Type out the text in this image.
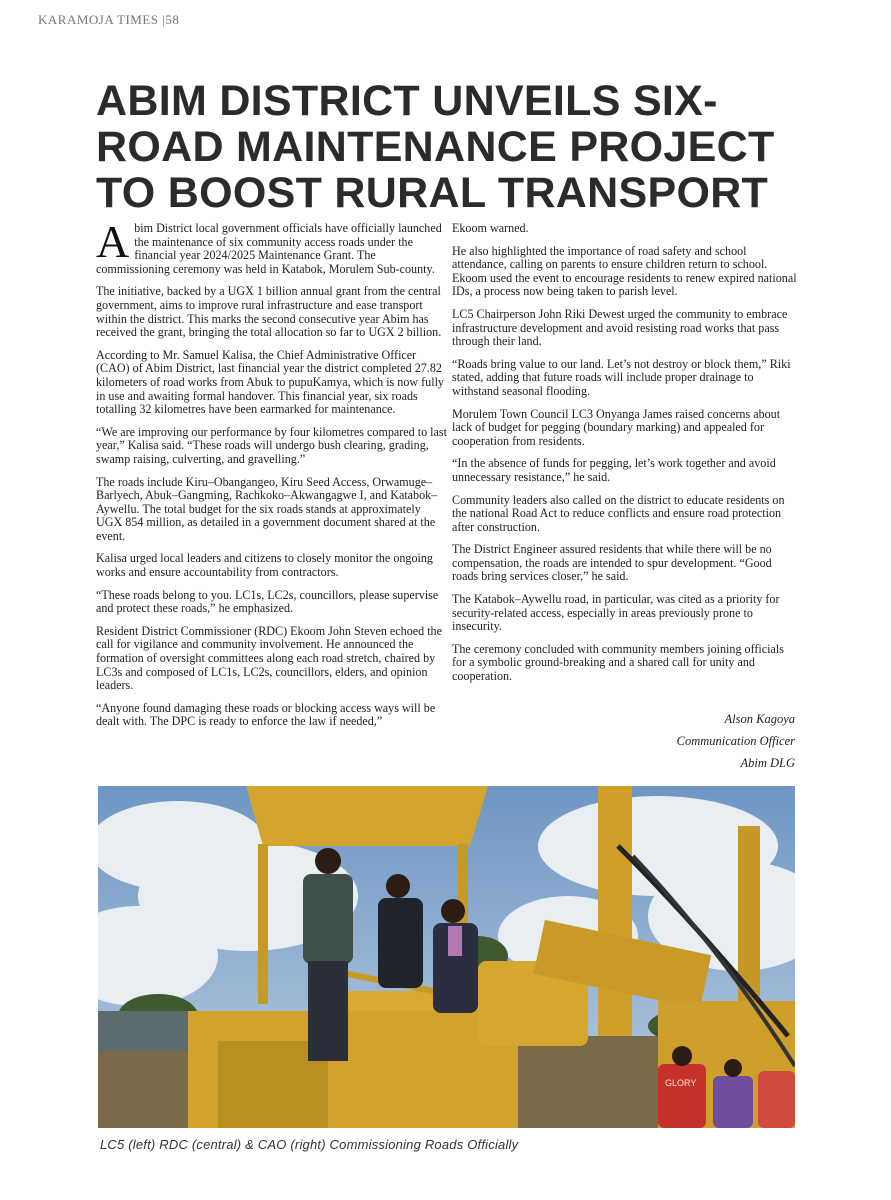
KARAMOJA TIMES |58
ABIM DISTRICT UNVEILS SIX-ROAD MAINTENANCE PROJECT TO BOOST RURAL TRANSPORT

Abim District local government officials have officially launched the maintenance of six community access roads under the financial year 2024/2025 Maintenance Grant. The commissioning ceremony was held in Katabok, Morulem Sub-county.

The initiative, backed by a UGX 1 billion annual grant from the central government, aims to improve rural infrastructure and ease transport within the district. This marks the second consecutive year Abim has received the grant, bringing the total allocation so far to UGX 2 billion.

According to Mr. Samuel Kalisa, the Chief Administrative Officer (CAO) of Abim District, last financial year the district completed 27.82 kilometers of road works from Abuk to pupuKamya, which is now fully in use and awaiting formal handover. This financial year, six roads totalling 32 kilometres have been earmarked for maintenance.

“We are improving our performance by four kilometres compared to last year,” Kalisa said. “These roads will undergo bush clearing, grading, swamp raising, culverting, and gravelling.”

The roads include Kiru–Obangangeo, Kiru Seed Access, Orwamuge–Barlyech, Abuk–Gangming, Rachkoko–Akwangagwe I, and Katabok–Aywellu. The total budget for the six roads stands at approximately UGX 854 million, as detailed in a government document shared at the event.

Kalisa urged local leaders and citizens to closely monitor the ongoing works and ensure accountability from contractors.

“These roads belong to you. LC1s, LC2s, councillors, please supervise and protect these roads,” he emphasized.

Resident District Commissioner (RDC) Ekoom John Steven echoed the call for vigilance and community involvement. He announced the formation of oversight committees along each road stretch, chaired by LC3s and composed of LC1s, LC2s, councillors, elders, and opinion leaders.

“Anyone found damaging these roads or blocking access ways will be dealt with. The DPC is ready to enforce the law if needed,”

Ekoom warned.

He also highlighted the importance of road safety and school attendance, calling on parents to ensure children return to school. Ekoom used the event to encourage residents to renew expired national IDs, a process now being taken to parish level.

LC5 Chairperson John Riki Dewest urged the community to embrace infrastructure development and avoid resisting road works that pass through their land.

“Roads bring value to our land. Let’s not destroy or block them,” Riki stated, adding that future roads will include proper drainage to withstand seasonal flooding.

Morulem Town Council LC3 Onyanga James raised concerns about lack of budget for pegging (boundary marking) and appealed for cooperation from residents.

“In the absence of funds for pegging, let’s work together and avoid unnecessary resistance,” he said.

Community leaders also called on the district to educate residents on the national Road Act to reduce conflicts and ensure road protection after construction.

The District Engineer assured residents that while there will be no compensation, the roads are intended to spur development. “Good roads bring services closer,” he said.

The Katabok–Aywellu road, in particular, was cited as a priority for security-related access, especially in areas previously prone to insecurity.

The ceremony concluded with community members joining officials for a symbolic ground-breaking and a shared call for unity and cooperation.

Alson Kagoya
Communication Officer
Abim DLG
GLORY
LC5 (left) RDC (central) & CAO (right) Commissioning Roads Officially
